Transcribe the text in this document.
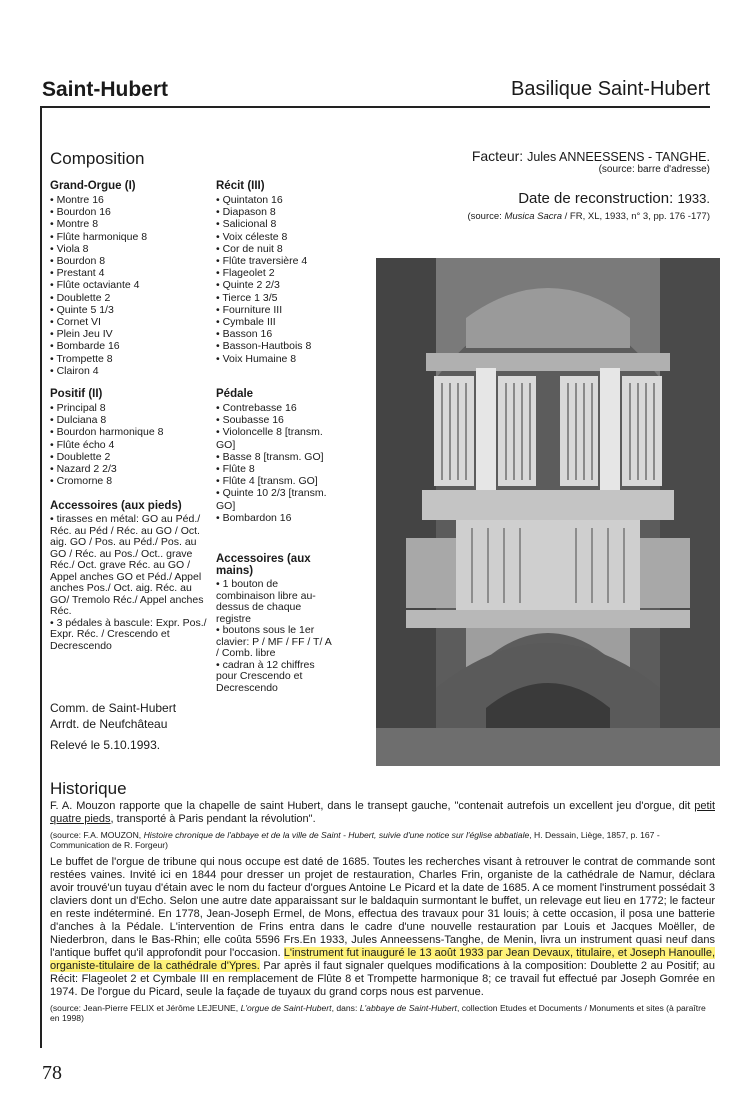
Saint-Hubert	Basilique Saint-Hubert
Composition
Grand-Orgue (I)
• Montre 16
• Bourdon 16
• Montre 8
• Flûte harmonique 8
• Viola 8
• Bourdon 8
• Prestant 4
• Flûte octaviante 4
• Doublette 2
• Quinte 5 1/3
• Cornet VI
• Plein Jeu IV
• Bombarde 16
• Trompette 8
• Clairon 4
Récit (III)
• Quintaton 16
• Diapason 8
• Salicional 8
• Voix céleste 8
• Cor de nuit 8
• Flûte traversière 4
• Flageolet 2
• Quinte 2 2/3
• Tierce 1 3/5
• Fourniture III
• Cymbale III
• Basson 16
• Basson-Hautbois 8
• Voix Humaine 8
Positif (II)
• Principal 8
• Dulciana 8
• Bourdon harmonique 8
• Flûte écho 4
• Doublette 2
• Nazard 2 2/3
• Cromorne 8
Pédale
• Contrebasse 16
• Soubasse 16
• Violoncelle 8 [transm. GO]
• Basse 8 [transm. GO]
• Flûte 8
• Flûte 4 [transm. GO]
• Quinte 10 2/3 [transm. GO]
• Bombardon 16
Accessoires (aux pieds)
• tirasses en métal: GO au Péd./ Réc. au Péd / Réc. au GO / Oct. aig. GO / Pos. au Péd./ Pos. au GO / Réc. au Pos./ Oct.. grave Réc./ Oct. grave Réc. au GO / Appel anches GO et Péd./ Appel anches Pos./ Oct. aig. Réc. au GO/ Tremolo Réc./ Appel anches Réc.
• 3 pédales à bascule: Expr. Pos./ Expr. Réc. / Crescendo et Decrescendo
Accessoires (aux mains)
• 1 bouton de combinaison libre au-dessus de chaque registre
• boutons sous le 1er clavier: P / MF / FF / T/ A / Comb. libre
• cadran à 12 chiffres pour Crescendo et Decrescendo
Comm. de Saint-Hubert
Arrdt. de Neufchâteau
Relevé le 5.10.1993.
Facteur: Jules ANNEESSENS - TANGHE.
(source: barre d'adresse)
Date de reconstruction: 1933.
(source: Musica Sacra / FR, XL, 1933, n° 3, pp. 176 -177)
Historique

F. A. Mouzon rapporte que la chapelle de saint Hubert, dans le transept gauche, "contenait autrefois un excellent jeu d'orgue, dit petit quatre pieds, transporté à Paris pendant la révolution".

(source: F.A. MOUZON, Histoire chronique de l'abbaye et de la ville de Saint - Hubert, suivie d'une notice sur l'église abbatiale, H. Dessain, Liège, 1857, p. 167 - Communication de R. Forgeur)

Le buffet de l'orgue de tribune qui nous occupe est daté de 1685. Toutes les recherches visant à retrouver le contrat de commande sont restées vaines. Invité ici en 1844 pour dresser un projet de restauration, Charles Frin, organiste de la cathédrale de Namur, déclara avoir trouvé'un tuyau d'étain avec le nom du facteur d'orgues Antoine Le Picard et la date de 1685. A ce moment l'instrument possédait 3 claviers dont un d'Echo. Selon une autre date apparaissant sur le baldaquin surmontant le buffet, un relevage eut lieu en 1772; le facteur en reste indéterminé. En 1778, Jean-Joseph Ermel, de Mons, effectua des travaux pour 31 louis; à cette occasion, il posa une batterie d'anches à la Pédale. L'intervention de Frins entra dans le cadre d'une nouvelle restauration par Louis et Jacques Moëller, de Niederbron, dans le Bas-Rhin; elle coûta 5596 Frs.En 1933, Jules Anneessens-Tanghe, de Menin, livra un instrument quasi neuf dans l'antique buffet qu'il approfondit pour l'occasion. L'instrument fut inauguré le 13 août 1933 par Jean Devaux, titulaire, et Joseph Hanoulle, organiste-titulaire de la cathédrale d'Ypres. Par après il faut signaler quelques modifications à la composition: Doublette 2 au Positif; au Récit: Flageolet 2 et Cymbale III en remplacement de Flûte 8 et Trompette harmonique 8; ce travail fut effectué par Joseph Gomrée en 1974. De l'orgue du Picard, seule la façade de tuyaux du grand corps nous est parvenue.

(source: Jean-Pierre FELIX et Jérôme LEJEUNE, L'orgue de Saint-Hubert, dans: L'abbaye de Saint-Hubert, collection Etudes et Documents / Monuments et sites (à paraître en 1998)

78
